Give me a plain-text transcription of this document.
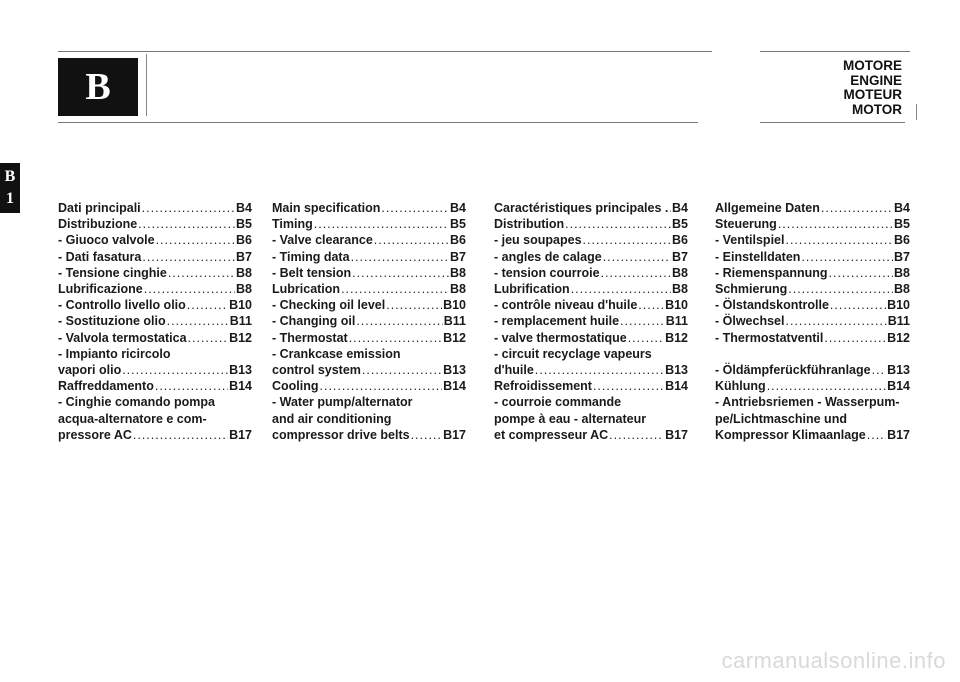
B
MOTORE
ENGINE
MOTEUR
MOTOR
B
1
Dati principali .....	B4
Distribuzione .....	B5
- Giuoco valvole .....	B6
- Dati fasatura .....	B7
- Tensione cinghie .....	B8
Lubrificazione .....	B8
- Controllo livello olio .....	B10
- Sostituzione olio .....	B11
- Valvola termostatica .....	B12
- Impianto ricircolo
vapori olio .....	B13
Raffreddamento .....	B14
- Cinghie comando pompa
acqua-alternatore e com-
pressore AC .....	B17
Main specification .....	B4
Timing .....	B5
- Valve clearance .....	B6
- Timing data .....	B7
- Belt tension .....	B8
Lubrication .....	B8
- Checking oil level .....	B10
- Changing oil .....	B11
- Thermostat .....	B12
- Crankcase emission
control system .....	B13
Cooling .....	B14
- Water pump/alternator
and air conditioning
compressor drive belts .....	B17
Caractéristiques principales . ..... B4
Distribution .....	B5
- jeu soupapes .....	B6
- angles de calage .....	B7
- tension courroie .....	B8
Lubrification .....	B8
- contrôle niveau d'huile ..... B10
- remplacement huile .....	B11
- valve thermostatique .....	B12
- circuit recyclage vapeurs
d'huile .....	B13
Refroidissement .....	B14
- courroie commande
pompe à eau - alternateur
et compresseur AC .....	B17
Allgemeine Daten .....	B4
Steuerung .....	B5
- Ventilspiel .....	B6
- Einstelldaten .....	B7
- Riemenspannung .....	B8
Schmierung .....	B8
- Ölstandskontrolle .....	B10
- Ölwechsel .....	B11
- Thermostatventil .....	B12
- Öldämpferückführanlage ..... B13
Kühlung .....	B14
- Antriebsriemen - Wasserpum-
pe/Lichtmaschine und
Kompressor Klimaanlage ..... B17
carmanualsonline.info
